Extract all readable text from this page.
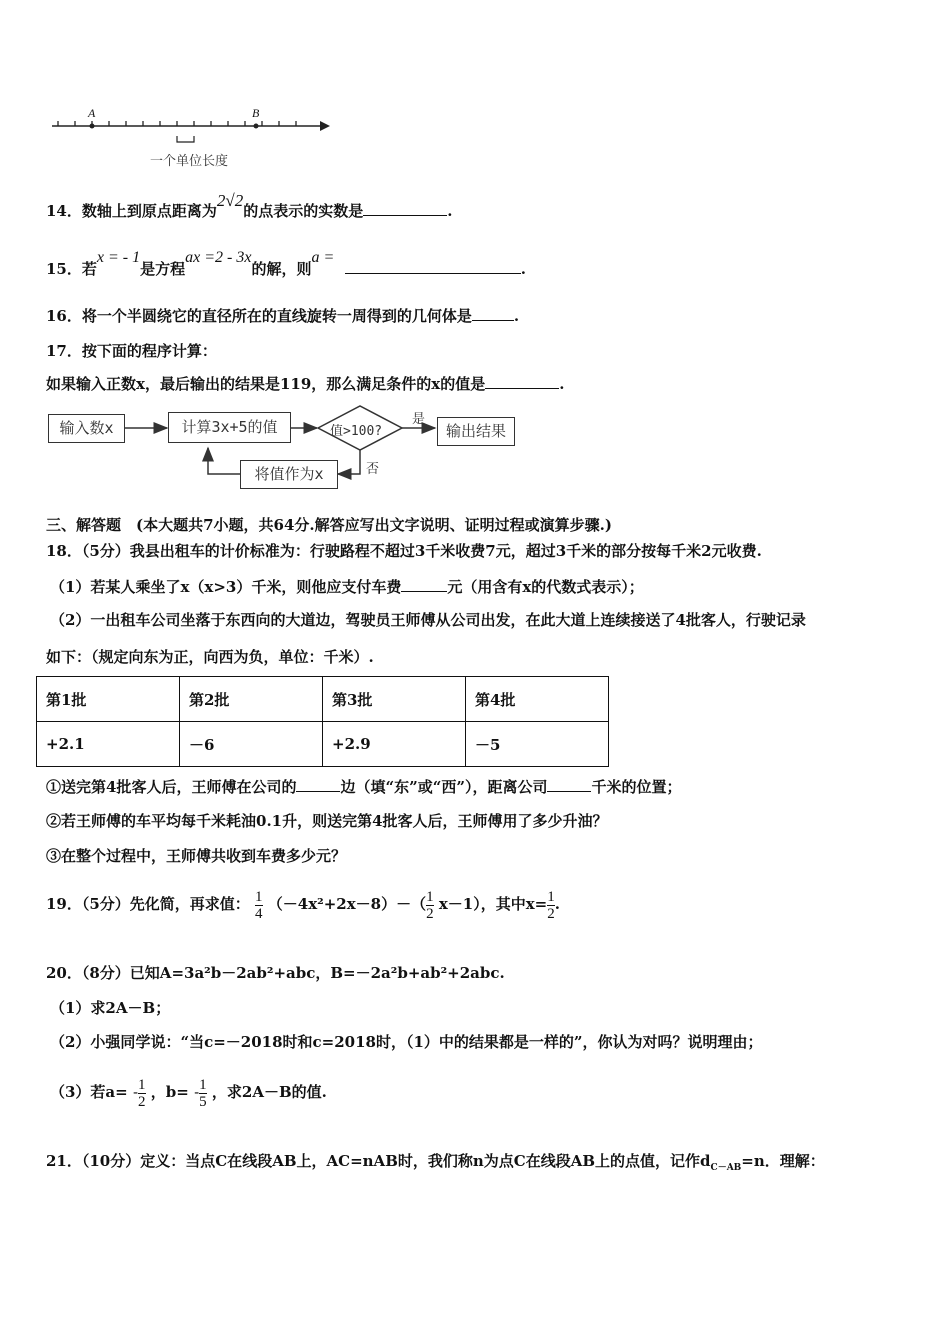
A	B
一个单位长度
14．数轴上到原点距离为2√2的点表示的实数是	.
15．若x = - 1是方程ax =2 - 3x的解，则a =  .
16．将一个半圆绕它的直径所在的直线旋转一周得到的几何体是	.
17．按下面的程序计算：
如果输入正数x，最后输出的结果是119，那么满足条件的x的值是	.
输入数x	计算3x+5的值	值>100?	输出结果
将值作为x
是
否
三、解答题　(本大题共7小题，共64分.解答应写出文字说明、证明过程或演算步骤.)
18．（5分）我县出租车的计价标准为：行驶路程不超过3千米收费7元，超过3千米的部分按每千米2元收费.
（1）若某人乘坐了x（x>3）千米，则他应支付车费	元（用含有x的代数式表示）；
（2）一出租车公司坐落于东西向的大道边，驾驶员王师傅从公司出发，在此大道上连续接送了4批客人，行驶记录
如下：（规定向东为正，向西为负，单位：千米）.
第1批	第2批	第3批	第4批
+2.1	－6	+2.9	－5
①送完第4批客人后，王师傅在公司的	边（填“东”或“西”），距离公司	千米的位置；
②若王师傅的车平均每千米耗油0.1升，则送完第4批客人后，王师傅用了多少升油？
③在整个过程中，王师傅共收到车费多少元？
19．（5分）先化简，再求值： $\frac{1}{4} (-4x^2+2x-8)-( \frac{1}{2} x-1)$，其中$x= \frac{1}{2}$ .
20．（8分）已知A=3a²b－2ab²+abc，B=－2a²b+ab²+2abc.
（1）求2A－B；
（2）小强同学说：“当c=－2018时和c=2018时，（1）中的结果都是一样的”，你认为对吗？说明理由；
（3）若$a= - \frac{1}{2}$ ，$b= - \frac{1}{5}$ ，求2A－B的值.
21．（10分）定义：当点C在线段AB上，AC=nAB时，我们称n为点C在线段AB上的点值，记作$d_{C-AB}=n$．理解：
